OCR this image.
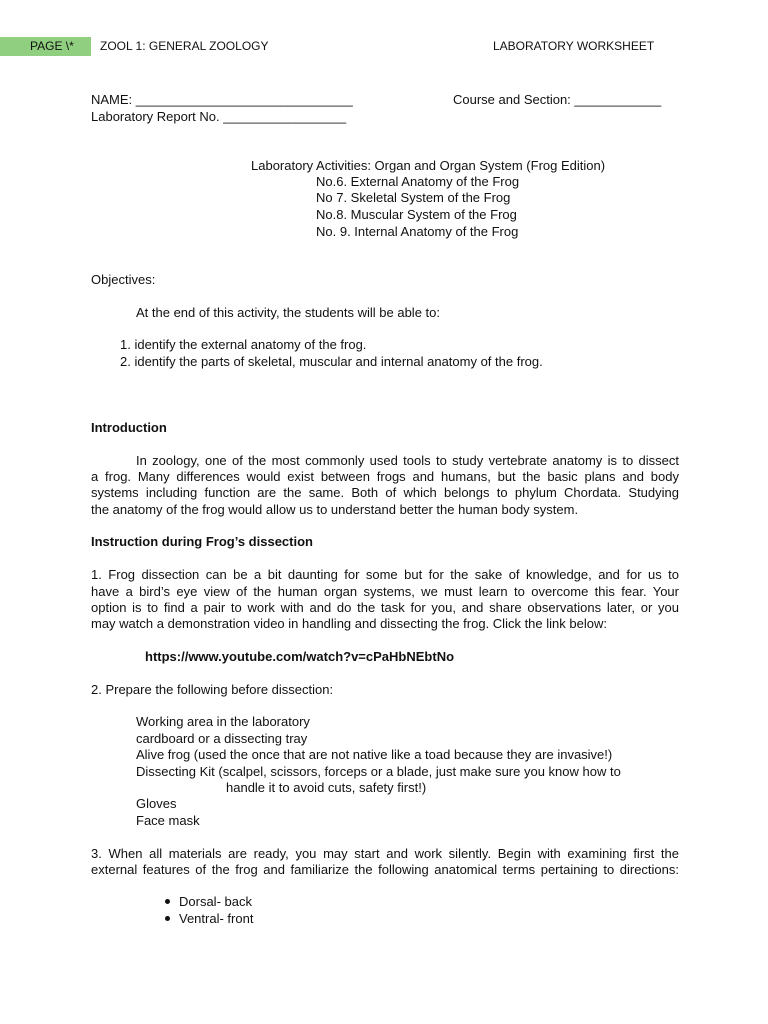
PAGE \*	ZOOL 1: GENERAL ZOOLOGY	LABORATORY WORKSHEET
NAME: ______________________________	Course and Section: ____________
Laboratory Report No. _________________
Laboratory Activities: Organ and Organ System (Frog Edition)
No.6. External Anatomy of the Frog
No 7. Skeletal System of the Frog
No.8. Muscular System of the Frog
No. 9. Internal Anatomy of the Frog
Objectives:
At the end of this activity, the students will be able to:
1. identify the external anatomy of the frog.
2. identify the parts of skeletal, muscular and internal anatomy of the frog.
Introduction
In zoology, one of the most commonly used tools to study vertebrate anatomy is to dissect
a frog. Many differences would exist between frogs and humans, but the basic plans and body
systems including function are the same. Both of which belongs to phylum Chordata. Studying
the anatomy of the frog would allow us to understand better the human body system.
Instruction during Frog’s dissection
1. Frog dissection can be a bit daunting for some but for the sake of knowledge, and for us to
have a bird’s eye view of the human organ systems, we must learn to overcome this fear. Your
option is to find a pair to work with and do the task for you, and share observations later, or you
may watch a demonstration video in handling and dissecting the frog. Click the link below:
https://www.youtube.com/watch?v=cPaHbNEbtNo
2. Prepare the following before dissection:
Working area in the laboratory
cardboard or a dissecting tray
Alive frog (used the once that are not native like a toad because they are invasive!)
Dissecting Kit (scalpel, scissors, forceps or a blade, just make sure you know how to
handle it to avoid cuts, safety first!)
Gloves
Face mask
3. When all materials are ready, you may start and work silently. Begin with examining first the
external features of the frog and familiarize the following anatomical terms pertaining to directions:
Dorsal- back
Ventral- front
